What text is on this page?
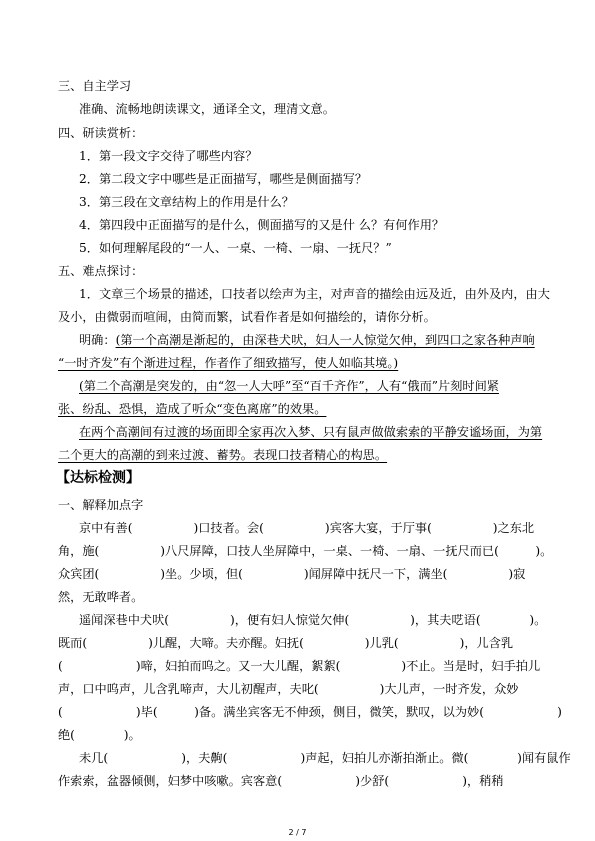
三、自主学习
准确、流畅地朗读课文，通译全文，理清文意。
四、研读赏析：
1．第一段文字交待了哪些内容？
2．第二段文字中哪些是正面描写，哪些是侧面描写？
3．第三段在文章结构上的作用是什么？
4．第四段中正面描写的是什么，侧面描写的又是什 么？有何作用？
5．如何理解尾段的“一人、一桌、一椅、一扇、一抚尺？”
五、难点探讨：
1．文章三个场景的描述，口技者以绘声为主，对声音的描绘由远及近，由外及内，由大
及小，由微弱而喧闹，由简而繁，试看作者是如何描绘的，请你分析。
明确：(第一个高潮是渐起的，由深巷犬吠，妇人一人惊觉欠伸，到四口之家各种声响
“一时齐发”有个渐进过程，作者作了细致描写，使人如临其境。)
(第二个高潮是突发的，由“忽一人大呼”至“百千齐作”，人有“俄而”片刻时间紧
张、纷乱、恐惧，造成了听众“变色离席”的效果。
在两个高潮间有过渡的场面即全家再次入梦、只有鼠声做做索索的平静安谧场面，为第
二个更大的高潮的到来过渡、蓄势。表现口技者精心的构思。
【达标检测】
一、解释加点字
京中有善(　　　　　)口技者。会(　　　　　)宾客大宴，于厅事(　　　　　)之东北
角，施(　　　　　)八尺屏障，口技人坐屏障中，一桌、一椅、一扇、一抚尺而已(　　　)。
众宾团(　　　　　)坐。少顷，但(　　　　　)闻屏障中抚尺一下，满坐(　　　　　)寂
然，无敢哗者。
遥闻深巷中犬吠(　　　　　)，便有妇人惊觉欠伸(　　　　　)，其夫呓语(　　　　)。
既而(　　　　　)儿醒，大啼。夫亦醒。妇抚(　　　　　)儿乳(　　　　　)，儿含乳
(　　　　　　)啼，妇拍而呜之。又一大儿醒，絮絮(　　　　　)不止。当是时，妇手拍儿
声，口中呜声，儿含乳啼声，大儿初醒声，夫叱(　　　　　)大儿声，一时齐发，众妙
(　　　　　　)毕(　　　)备。满坐宾客无不伸颈，侧目，微笑，默叹，以为妙(　　　　　　)
绝(　　　　)。
未几(　　　　　　)，夫齁(　　　　　　)声起，妇拍儿亦渐拍渐止。微(　　　　)闻有鼠作
作索索，盆器倾侧，妇梦中咳嗽。宾客意(　　　　　　)少舒(　　　　　　)，稍稍
2 / 7
